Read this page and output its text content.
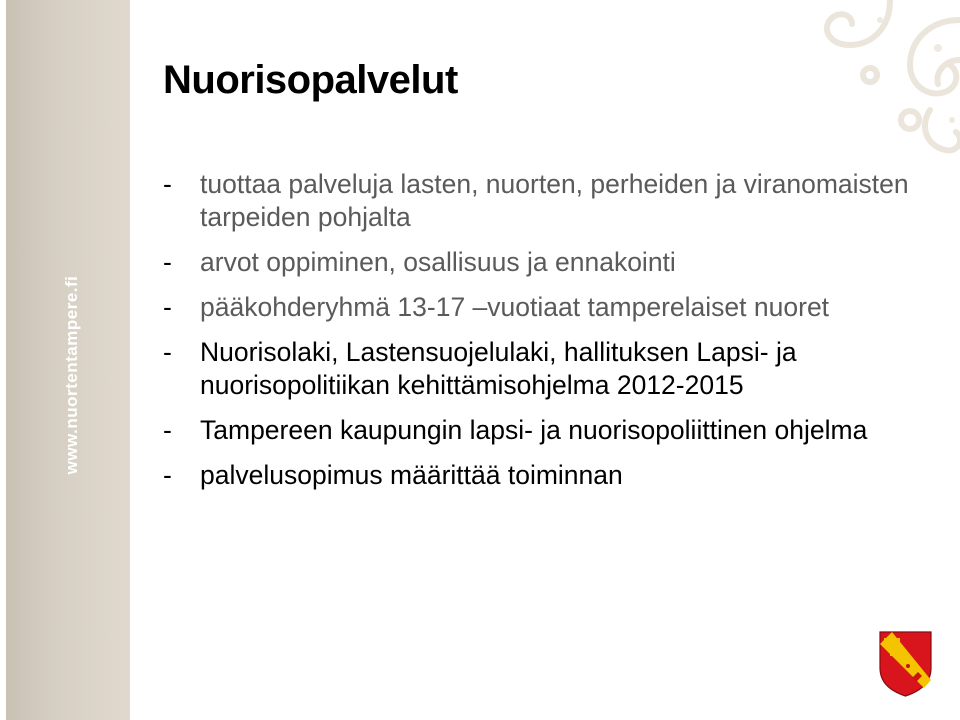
www.nuortentampere.fi
Nuorisopalvelut
- tuottaa palveluja lasten, nuorten, perheiden ja viranomaisten tarpeiden pohjalta
- arvot oppiminen, osallisuus ja ennakointi
- pääkohderyhmä 13-17 –vuotiaat tamperelaiset nuoret
- Nuorisolaki, Lastensuojelulaki, hallituksen Lapsi- ja nuorisopolitiikan kehittämisohjelma 2012-2015
- Tampereen kaupungin lapsi- ja nuorisopoliittinen ohjelma
- palvelusopimus määrittää toiminnan
